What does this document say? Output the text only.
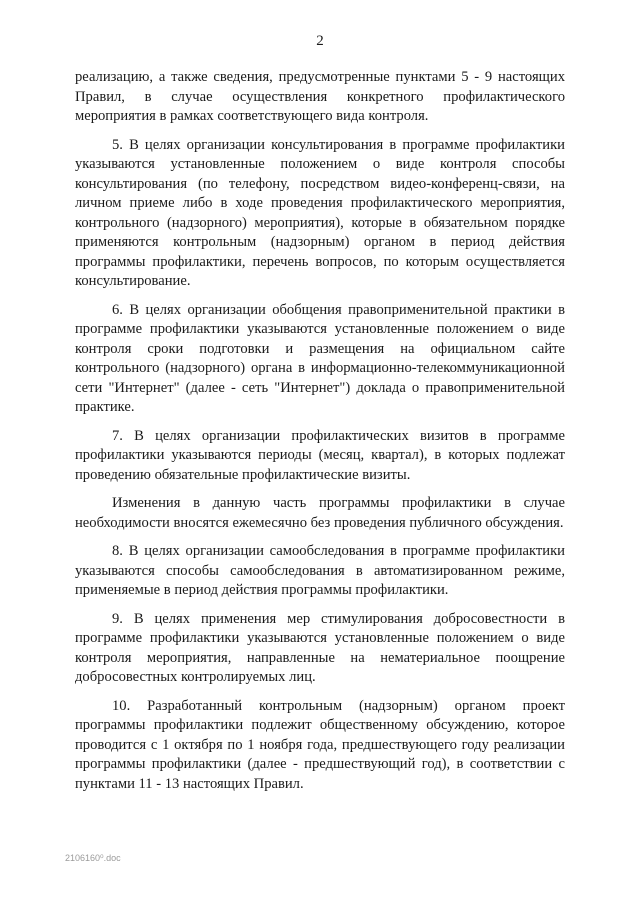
2

реализацию, а также сведения, предусмотренные пунктами 5 - 9 настоящих Правил, в случае осуществления конкретного профилактического мероприятия в рамках соответствующего вида контроля.

5. В целях организации консультирования в программе профилактики указываются установленные положением о виде контроля способы консультирования (по телефону, посредством видео-конференц-связи, на личном приеме либо в ходе проведения профилактического мероприятия, контрольного (надзорного) мероприятия), которые в обязательном порядке применяются контрольным (надзорным) органом в период действия программы профилактики, перечень вопросов, по которым осуществляется консультирование.

6. В целях организации обобщения правоприменительной практики в программе профилактики указываются установленные положением о виде контроля сроки подготовки и размещения на официальном сайте контрольного (надзорного) органа в информационно-телекоммуникационной сети "Интернет" (далее - сеть "Интернет") доклада о правоприменительной практике.

7. В целях организации профилактических визитов в программе профилактики указываются периоды (месяц, квартал), в которых подлежат проведению обязательные профилактические визиты.

Изменения в данную часть программы профилактики в случае необходимости вносятся ежемесячно без проведения публичного обсуждения.

8. В целях организации самообследования в программе профилактики указываются способы самообследования в автоматизированном режиме, применяемые в период действия программы профилактики.

9. В целях применения мер стимулирования добросовестности в программе профилактики указываются установленные положением о виде контроля мероприятия, направленные на нематериальное поощрение добросовестных контролируемых лиц.

10. Разработанный контрольным (надзорным) органом проект программы профилактики подлежит общественному обсуждению, которое проводится с 1 октября по 1 ноября года, предшествующего году реализации программы профилактики (далее - предшествующий год), в соответствии с пунктами 11 - 13 настоящих Правил.

2106160⁰.doc
